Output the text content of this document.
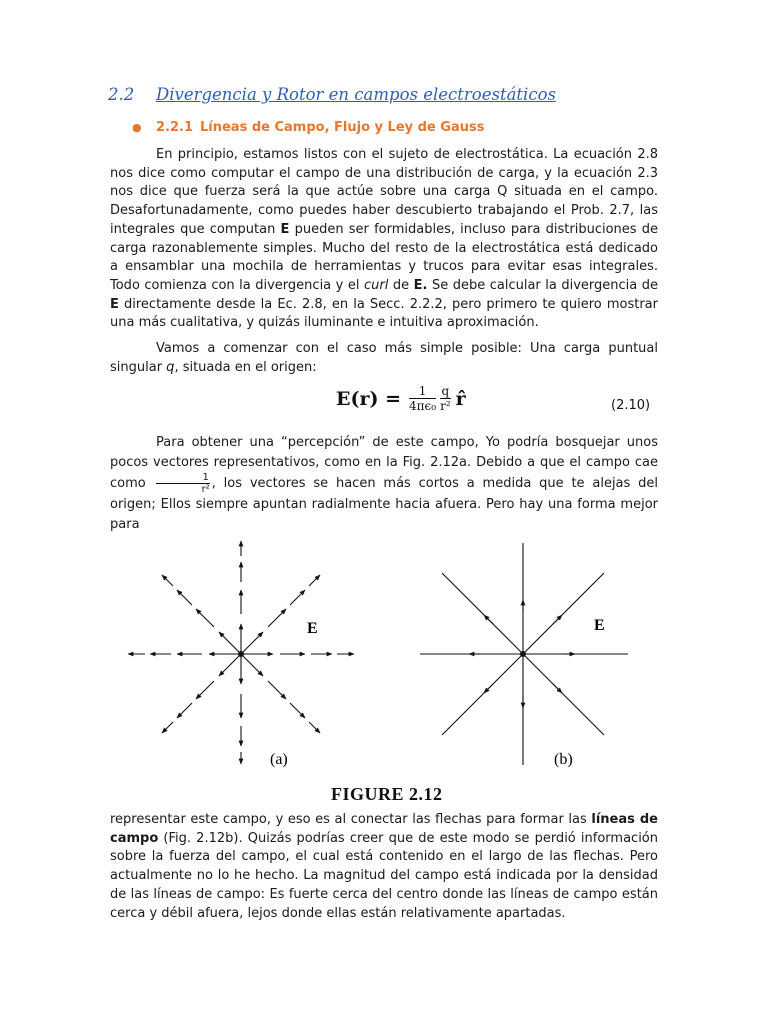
2.2 Divergencia y Rotor en campos electroestáticos
● 2.2.1 Líneas de Campo, Flujo y Ley de Gauss

En principio, estamos listos con el sujeto de electrostática. La ecuación 2.8 nos dice como computar el campo de una distribución de carga, y la ecuación 2.3 nos dice que fuerza será la que actúe sobre una carga Q situada en el campo. Desafortunadamente, como puedes haber descubierto trabajando el Prob. 2.7, las integrales que computan E pueden ser formidables, incluso para distribuciones de carga razonablemente simples. Mucho del resto de la electrostática está dedicado a ensamblar una mochila de herramientas y trucos para evitar esas integrales. Todo comienza con la divergencia y el curl de E. Se debe calcular la divergencia de E directamente desde la Ec. 2.8, en la Secc. 2.2.2, pero primero te quiero mostrar una más cualitativa, y quizás iluminante e intuitiva aproximación.

Vamos a comenzar con el caso más simple posible: Una carga puntual singular q, situada en el origen:

$E(r) = \frac{1}{\text{4πϵ₀}} \frac{q}{\text{r²}}$ r̂	(2.10)

Para obtener una “percepción” de este campo, Yo podría bosquejar unos pocos vectores representativos, como en la Fig. 2.12a. Debido a que el campo cae como $\frac{1}{\text{r²}}$ , los vectores se hacen más cortos a medida que te alejas del origen; Ellos siempre apuntan radialmente hacia afuera. Pero hay una forma mejor para

E
(a)
E
(b)
FIGURE 2.12

representar este campo, y eso es al conectar las flechas para formar las líneas de campo (Fig. 2.12b). Quizás podrías creer que de este modo se perdió información sobre la fuerza del campo, el cual está contenido en el largo de las flechas. Pero actualmente no lo he hecho. La magnitud del campo está indicada por la densidad de las líneas de campo: Es fuerte cerca del centro donde las líneas de campo están cerca y débil afuera, lejos donde ellas están relativamente apartadas.
